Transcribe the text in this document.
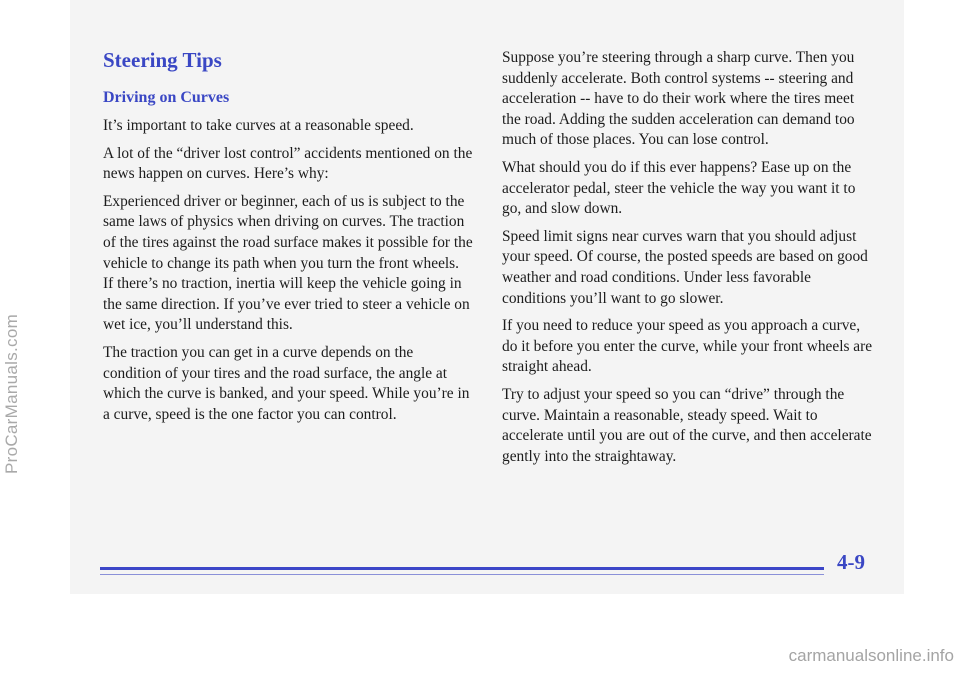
Steering Tips
Driving on Curves

It’s important to take curves at a reasonable speed.

A lot of the “driver lost control” accidents mentioned on the news happen on curves. Here’s why:

Experienced driver or beginner, each of us is subject to the same laws of physics when driving on curves. The traction of the tires against the road surface makes it possible for the vehicle to change its path when you turn the front wheels. If there’s no traction, inertia will keep the vehicle going in the same direction. If you’ve ever tried to steer a vehicle on wet ice, you’ll understand this.

The traction you can get in a curve depends on the condition of your tires and the road surface, the angle at which the curve is banked, and your speed. While you’re in a curve, speed is the one factor you can control.

Suppose you’re steering through a sharp curve. Then you suddenly accelerate. Both control systems -- steering and acceleration -- have to do their work where the tires meet the road. Adding the sudden acceleration can demand too much of those places. You can lose control.

What should you do if this ever happens? Ease up on the accelerator pedal, steer the vehicle the way you want it to go, and slow down.

Speed limit signs near curves warn that you should adjust your speed. Of course, the posted speeds are based on good weather and road conditions. Under less favorable conditions you’ll want to go slower.

If you need to reduce your speed as you approach a curve, do it before you enter the curve, while your front wheels are straight ahead.

Try to adjust your speed so you can “drive” through the curve. Maintain a reasonable, steady speed. Wait to accelerate until you are out of the curve, and then accelerate gently into the straightaway.

ProCarManuals.com
4-9
carmanualsonline.info
